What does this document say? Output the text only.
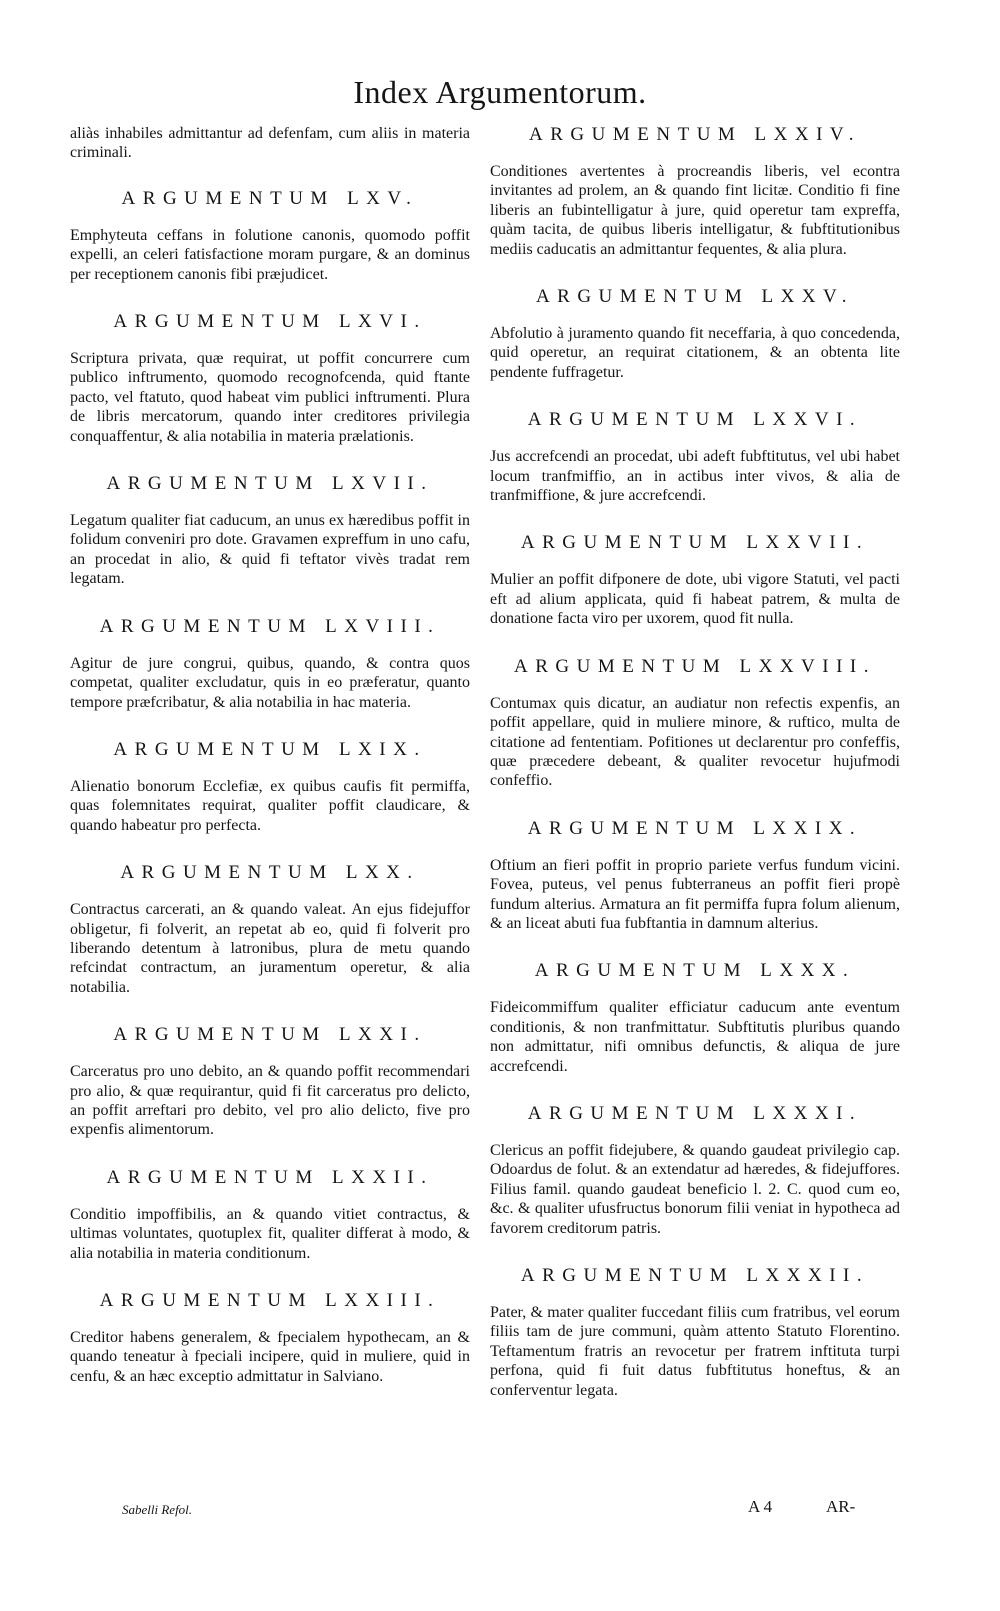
Index Argumentorum.

aliàs inhabiles admittantur ad defenfam, cum aliis in materia criminali.

ARGUMENTUM LXV.

Emphyteuta ceffans in folutione canonis, quomodo poffit expelli, an celeri fatisfactione moram purgare, & an dominus per receptionem canonis fibi præjudicet.

ARGUMENTUM LXVI.

Scriptura privata, quæ requirat, ut poffit concurrere cum publico inftrumento, quomodo recognofcenda, quid ftante pacto, vel ftatuto, quod habeat vim publici inftrumenti. Plura de libris mercatorum, quando inter creditores privilegia conquaffentur, & alia notabilia in materia prælationis.

ARGUMENTUM LXVII.

Legatum qualiter fiat caducum, an unus ex hæredibus poffit in folidum conveniri pro dote. Gravamen expreffum in uno cafu, an procedat in alio, & quid fi teftator vivès tradat rem legatam.

ARGUMENTUM LXVIII.

Agitur de jure congrui, quibus, quando, & contra quos competat, qualiter excludatur, quis in eo præferatur, quanto tempore præfcribatur, & alia notabilia in hac materia.

ARGUMENTUM LXIX.

Alienatio bonorum Ecclefiæ, ex quibus caufis fit permiffa, quas folemnitates requirat, qualiter poffit claudicare, & quando habeatur pro perfecta.

ARGUMENTUM LXX.

Contractus carcerati, an & quando valeat. An ejus fidejuffor obligetur, fi folverit, an repetat ab eo, quid fi folverit pro liberando detentum à latronibus, plura de metu quando refcindat contractum, an juramentum operetur, & alia notabilia.

ARGUMENTUM LXXI.

Carceratus pro uno debito, an & quando poffit recommendari pro alio, & quæ requirantur, quid fi fit carceratus pro delicto, an poffit arreftari pro debito, vel pro alio delicto, five pro expenfis alimentorum.

ARGUMENTUM LXXII.

Conditio impoffibilis, an & quando vitiet contractus, & ultimas voluntates, quotuplex fit, qualiter differat à modo, & alia notabilia in materia conditionum.

ARGUMENTUM LXXIII.

Creditor habens generalem, & fpecialem hypothecam, an & quando teneatur à fpeciali incipere, quid in muliere, quid in cenfu, & an hæc exceptio admittatur in Salviano.

ARGUMENTUM LXXIV.

Conditiones avertentes à procreandis liberis, vel econtra invitantes ad prolem, an & quando fint licitæ. Conditio fi fine liberis an fubintelligatur à jure, quid operetur tam expreffa, quàm tacita, de quibus liberis intelligatur, & fubftitutionibus mediis caducatis an admittantur fequentes, & alia plura.

ARGUMENTUM LXXV.

Abfolutio à juramento quando fit neceffaria, à quo concedenda, quid operetur, an requirat citationem, & an obtenta lite pendente fuffragetur.

ARGUMENTUM LXXVI.

Jus accrefcendi an procedat, ubi adeft fubftitutus, vel ubi habet locum tranfmiffio, an in actibus inter vivos, & alia de tranfmiffione, & jure accrefcendi.

ARGUMENTUM LXXVII.

Mulier an poffit difponere de dote, ubi vigore Statuti, vel pacti eft ad alium applicata, quid fi habeat patrem, & multa de donatione facta viro per uxorem, quod fit nulla.

ARGUMENTUM LXXVIII.

Contumax quis dicatur, an audiatur non refectis expenfis, an poffit appellare, quid in muliere minore, & ruftico, multa de citatione ad fententiam. Pofitiones ut declarentur pro confeffis, quæ præcedere debeant, & qualiter revocetur hujufmodi confeffio.

ARGUMENTUM LXXIX.

Oftium an fieri poffit in proprio pariete verfus fundum vicini. Fovea, puteus, vel penus fubterraneus an poffit fieri propè fundum alterius. Armatura an fit permiffa fupra folum alienum, & an liceat abuti fua fubftantia in damnum alterius.

ARGUMENTUM LXXX.

Fideicommiffum qualiter efficiatur caducum ante eventum conditionis, & non tranfmittatur. Subftitutis pluribus quando non admittatur, nifi omnibus defunctis, & aliqua de jure accrefcendi.

ARGUMENTUM LXXXI.

Clericus an poffit fidejubere, & quando gaudeat privilegio cap. Odoardus de folut. & an extendatur ad hæredes, & fidejuffores. Filius famil. quando gaudeat beneficio l. 2. C. quod cum eo, &c. & qualiter ufusfructus bonorum filii veniat in hypotheca ad favorem creditorum patris.

ARGUMENTUM LXXXII.

Pater, & mater qualiter fuccedant filiis cum fratribus, vel eorum filiis tam de jure communi, quàm attento Statuto Florentino. Teftamentum fratris an revocetur per fratrem inftituta turpi perfona, quid fi fuit datus fubftitutus honeftus, & an conferventur legata.

Sabelli Refol.	A 4	AR-
